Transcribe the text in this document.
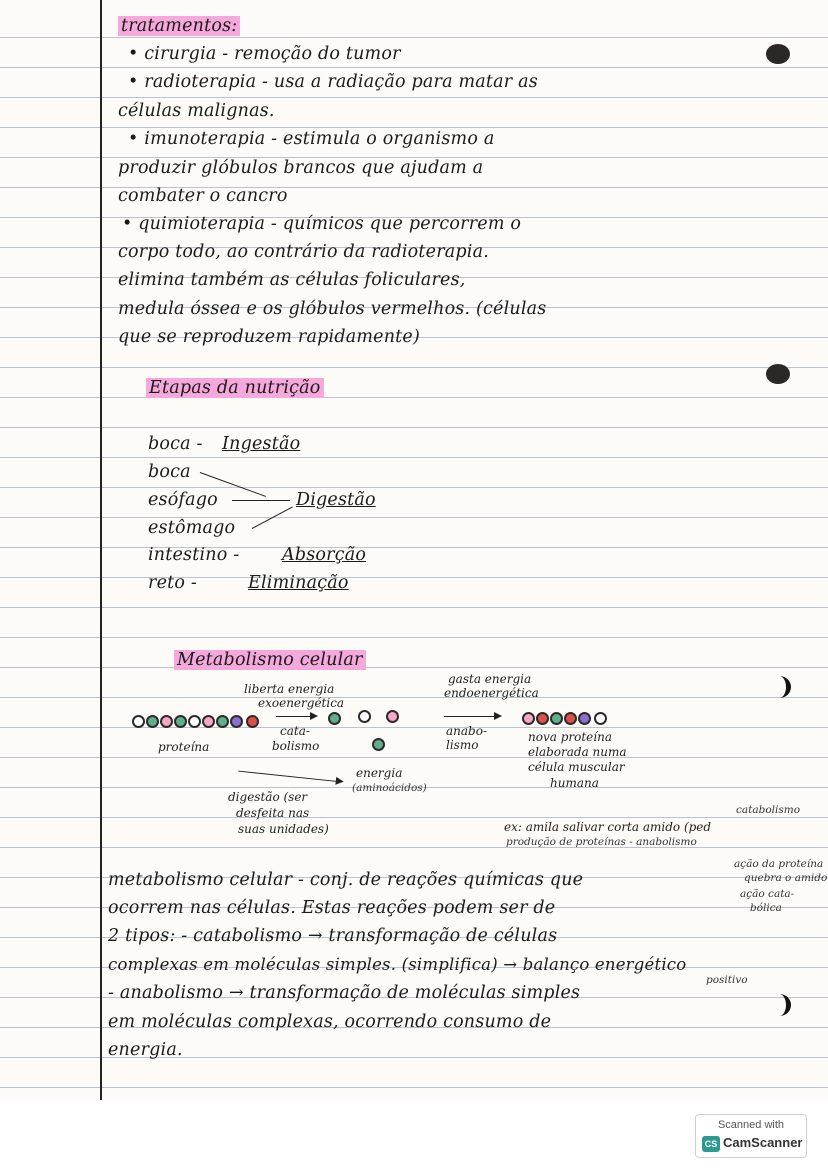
tratamentos:
• cirurgia - remoção do tumor
• radioterapia - usa a radiação para matar as
células malignas.
• imunoterapia - estimula o organismo a
produzir glóbulos brancos que ajudam a
combater o cancro
• quimioterapia - químicos que percorrem o
corpo todo, ao contrário da radioterapia.
elimina também as células foliculares,
medula óssea e os glóbulos vermelhos. (células
que se reproduzem rapidamente)
Etapas da nutrição
boca - Ingestão
boca
esófago	Digestão
estômago
intestino - Absorção
reto -	Eliminação
Metabolismo celular
liberta energia
exoenergética
gasta energia
endoenergética
cata-
bolismo
anabo-
lismo
proteína
nova proteína
elaborada numa
célula muscular
humana
energia
(aminoácidos)
digestão (ser
desfeita nas
suas unidades)	ex: amila salivar corta amido (ped
produção de proteínas - anabolismo
catabolismo
ação da proteína
quebra o amido
ação cata-
bólica
metabolismo celular - conj. de reações químicas que
ocorrem nas células. Estas reações podem ser de
2 tipos: - catabolismo → transformação de células
complexas em moléculas simples. (simplifica) → balanço energético
positivo
- anabolismo → transformação de moléculas simples
em moléculas complexas, ocorrendo consumo de
energia.
Scanned with
CS CamScanner
